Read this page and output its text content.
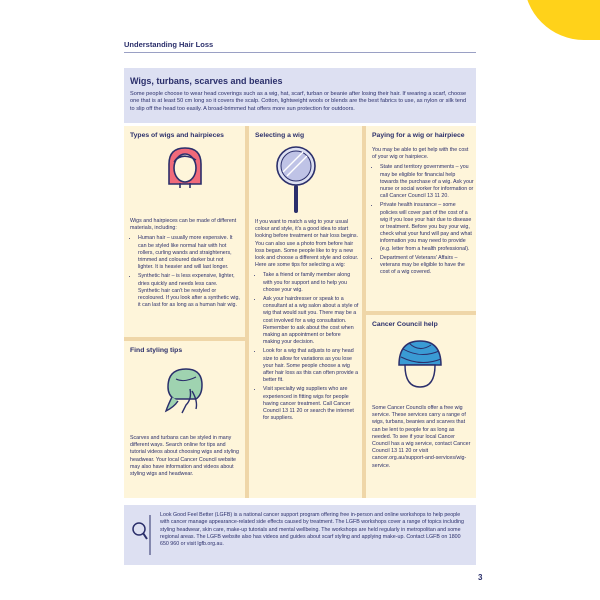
Understanding Hair Loss
Wigs, turbans, scarves and beanies

Some people choose to wear head coverings such as a wig, hat, scarf, turban or beanie after losing their hair. If wearing a scarf, choose one that is at least 50 cm long so it covers the scalp. Cotton, lightweight wools or blends are the best fabrics to use, as nylon or silk tend to slip off the head too easily. A broad-brimmed hat offers more sun protection for outdoors.

Types of wigs and hairpieces

Wigs and hairpieces can be made of different materials, including:

• Human hair – usually more expensive. It can be styled like normal hair with hot rollers, curling wands and straighteners, trimmed and coloured darker but not lighter. It is heavier and will last longer.
• Synthetic hair – is less expensive, lighter, dries quickly and needs less care. Synthetic hair can't be restyled or recoloured. If you look after a synthetic wig, it can last for as long as a human hair wig.
Find styling tips

Scarves and turbans can be styled in many different ways. Search online for tips and tutorial videos about choosing wigs and styling headwear. Your local Cancer Council website may also have information and videos about styling wigs and headwear.

Selecting a wig

If you want to match a wig to your usual colour and style, it's a good idea to start looking before treatment or hair loss begins. You can also use a photo from before hair loss began. Some people like to try a new look and choose a different style and colour. Here are some tips for selecting a wig:

• Take a friend or family member along with you for support and to help you choose your wig.
• Ask your hairdresser or speak to a consultant at a wig salon about a style of wig that would suit you. There may be a cost involved for a wig consultation. Remember to ask about the cost when making an appointment or before making your decision.
• Look for a wig that adjusts to any head size to allow for variations as you lose your hair. Some people choose a wig after hair loss as this can often provide a better fit.
• Visit specialty wig suppliers who are experienced in fitting wigs for people having cancer treatment. Call Cancer Council 13 11 20 or search the internet for suppliers.
Paying for a wig or hairpiece

You may be able to get help with the cost of your wig or hairpiece.

• State and territory governments – you may be eligible for financial help towards the purchase of a wig. Ask your nurse or social worker for information or call Cancer Council 13 11 20.
• Private health insurance – some policies will cover part of the cost of a wig if you lose your hair due to disease or treatment. Before you buy your wig, check what your fund will pay and what information you may need to provide (e.g. letter from a health professional).
• Department of Veterans' Affairs – veterans may be eligible to have the cost of a wig covered.
Cancer Council help

Some Cancer Councils offer a free wig service. These services carry a range of wigs, turbans, beanies and scarves that can be lent to people for as long as needed. To see if your local Cancer Council has a wig service, contact Cancer Council 13 11 20 or visit cancer.org.au/support-and-services/wig-service.

Look Good Feel Better (LGFB) is a national cancer support program offering free in-person and online workshops to help people with cancer manage appearance-related side effects caused by treatment. The LGFB workshops cover a range of topics including styling headwear, skin care, make-up tutorials and mental wellbeing. The workshops are held regularly in metropolitan and some regional areas. The LGFB website also has videos and guides about scarf styling and applying make-up. Contact LGFB on 1800 650 960 or visit lgfb.org.au.

3
